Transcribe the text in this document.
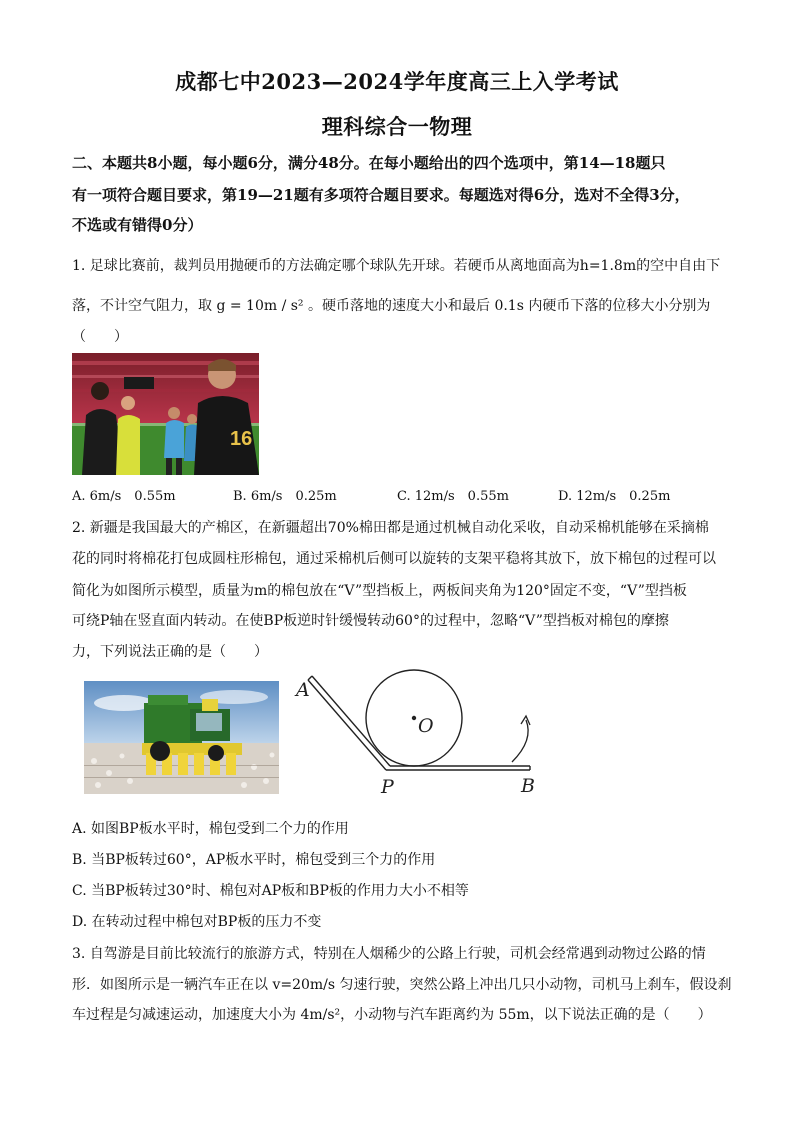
成都七中2023—2024学年度高三上入学考试
理科综合一物理
二、本题共8小题，每小题6分，满分48分。在每小题给出的四个选项中，第14—18题只
有一项符合题目要求，第19—21题有多项符合题目要求。每题选对得6分，选对不全得3分，
不选或有错得0分）
1. 足球比赛前，裁判员用抛硬币的方法确定哪个球队先开球。若硬币从离地面高为h=1.8m的空中自由下
落，不计空气阻力，取 g = 10m / s² 。硬币落地的速度大小和最后 0.1s 内硬币下落的位移大小分别为
（　　）
16
A. 6m/s　0.55m	B. 6m/s　0.25m	C. 12m/s　0.55m	D. 12m/s　0.25m
2. 新疆是我国最大的产棉区，在新疆超出70%棉田都是通过机械自动化采收，自动采棉机能够在采摘棉
花的同时将棉花打包成圆柱形棉包，通过采棉机后侧可以旋转的支架平稳将其放下，放下棉包的过程可以
简化为如图所示模型，质量为m的棉包放在“V”型挡板上，两板间夹角为120°固定不变，“V”型挡板
可绕P轴在竖直面内转动。在使BP板逆时针缓慢转动60°的过程中，忽略“V”型挡板对棉包的摩擦
力，下列说法正确的是（　　）
A
O
P	B
A. 如图BP板水平时，棉包受到二个力的作用
B. 当BP板转过60°，AP板水平时，棉包受到三个力的作用
C. 当BP板转过30°时、棉包对AP板和BP板的作用力大小不相等
D. 在转动过程中棉包对BP板的压力不变
3. 自驾游是目前比较流行的旅游方式，特别在人烟稀少的公路上行驶，司机会经常遇到动物过公路的情
形．如图所示是一辆汽车正在以 v=20m/s 匀速行驶，突然公路上冲出几只小动物，司机马上刹车，假设刹
车过程是匀减速运动，加速度大小为 4m/s²，小动物与汽车距离约为 55m，以下说法正确的是（　　）
